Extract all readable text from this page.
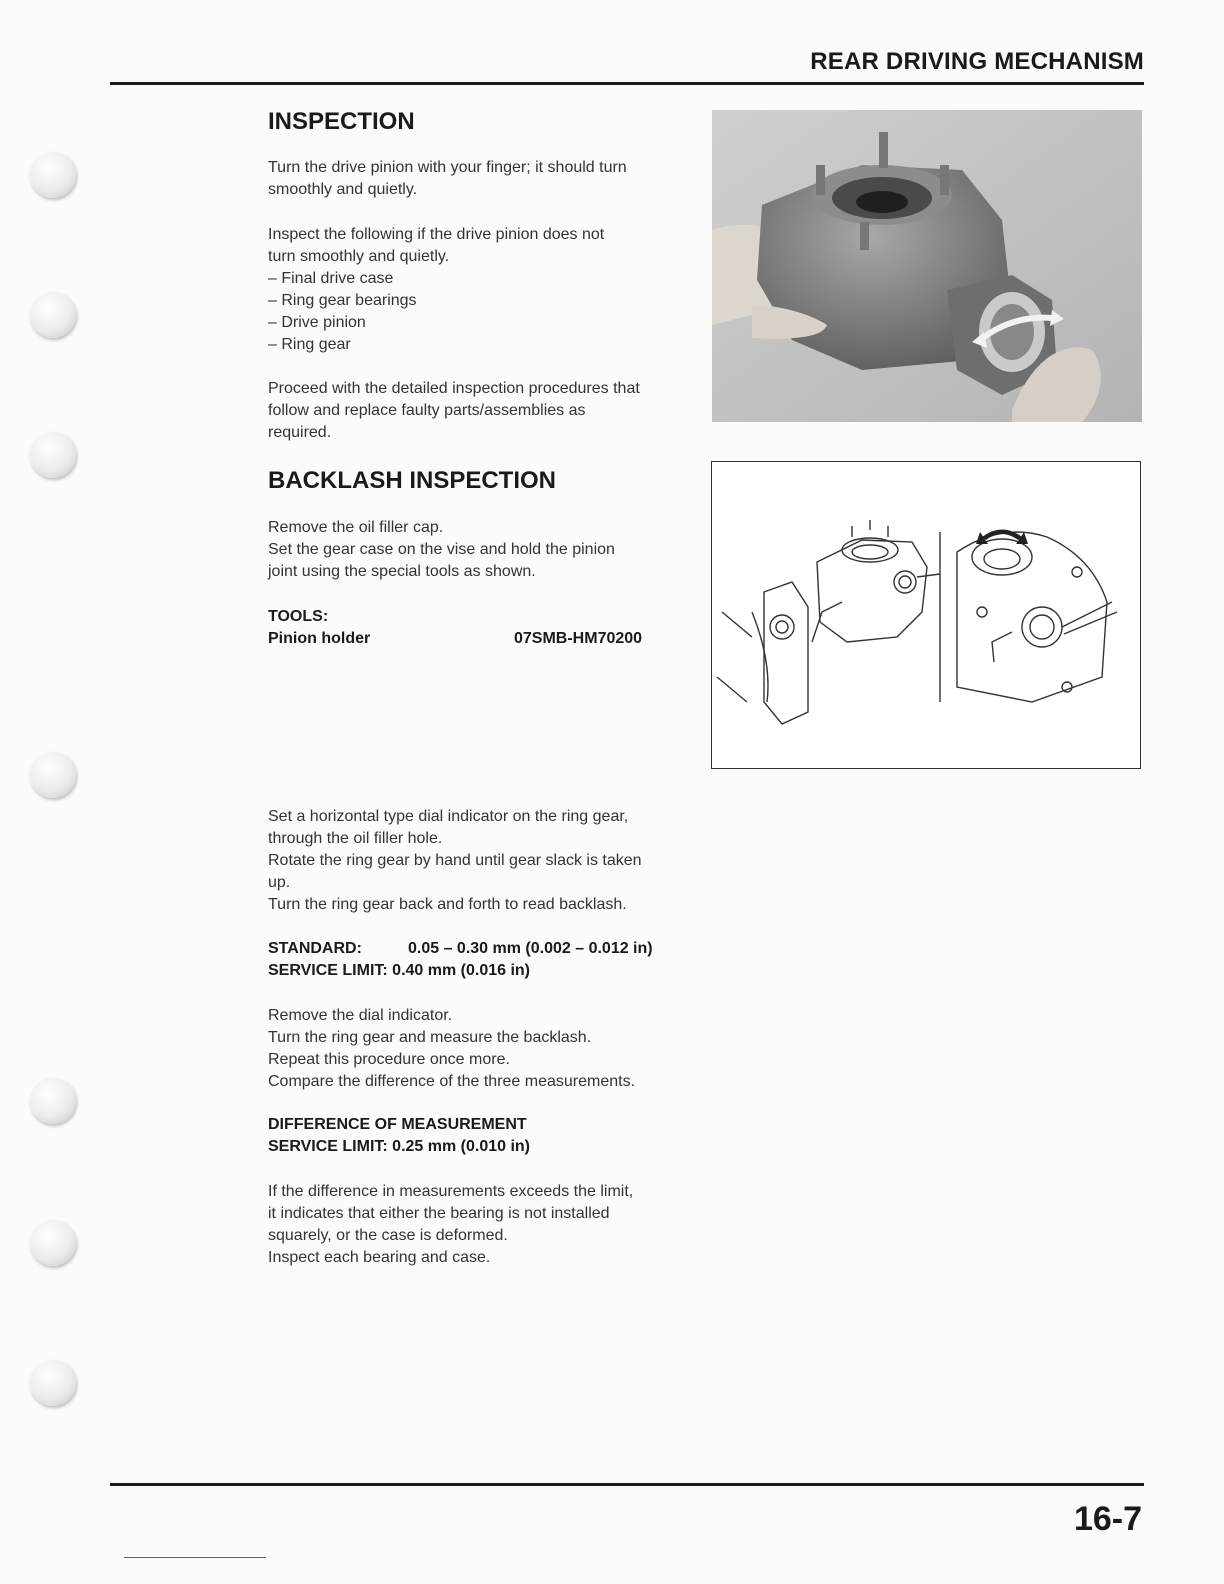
REAR DRIVING MECHANISM
INSPECTION
Turn the drive pinion with your finger; it should turn
smoothly and quietly.
Inspect the following if the drive pinion does not
turn smoothly and quietly.
– Final drive case
– Ring gear bearings
– Drive pinion
– Ring gear
Proceed with the detailed inspection procedures that
follow and replace faulty parts/assemblies as
required.
BACKLASH INSPECTION
Remove the oil filler cap.
Set the gear case on the vise and hold the pinion
joint using the special tools as shown.
TOOLS:
Pinion holder	07SMB-HM70200
Set a horizontal type dial indicator on the ring gear,
through the oil filler hole.
Rotate the ring gear by hand until gear slack is taken
up.
Turn the ring gear back and forth to read backlash.
STANDARD:	0.05 – 0.30 mm (0.002 – 0.012 in)
SERVICE LIMIT: 0.40 mm (0.016 in)
Remove the dial indicator.
Turn the ring gear and measure the backlash.
Repeat this procedure once more.
Compare the difference of the three measurements.
DIFFERENCE OF MEASUREMENT
SERVICE LIMIT: 0.25 mm (0.010 in)
If the difference in measurements exceeds the limit,
it indicates that either the bearing is not installed
squarely, or the case is deformed.
Inspect each bearing and case.
16-7
